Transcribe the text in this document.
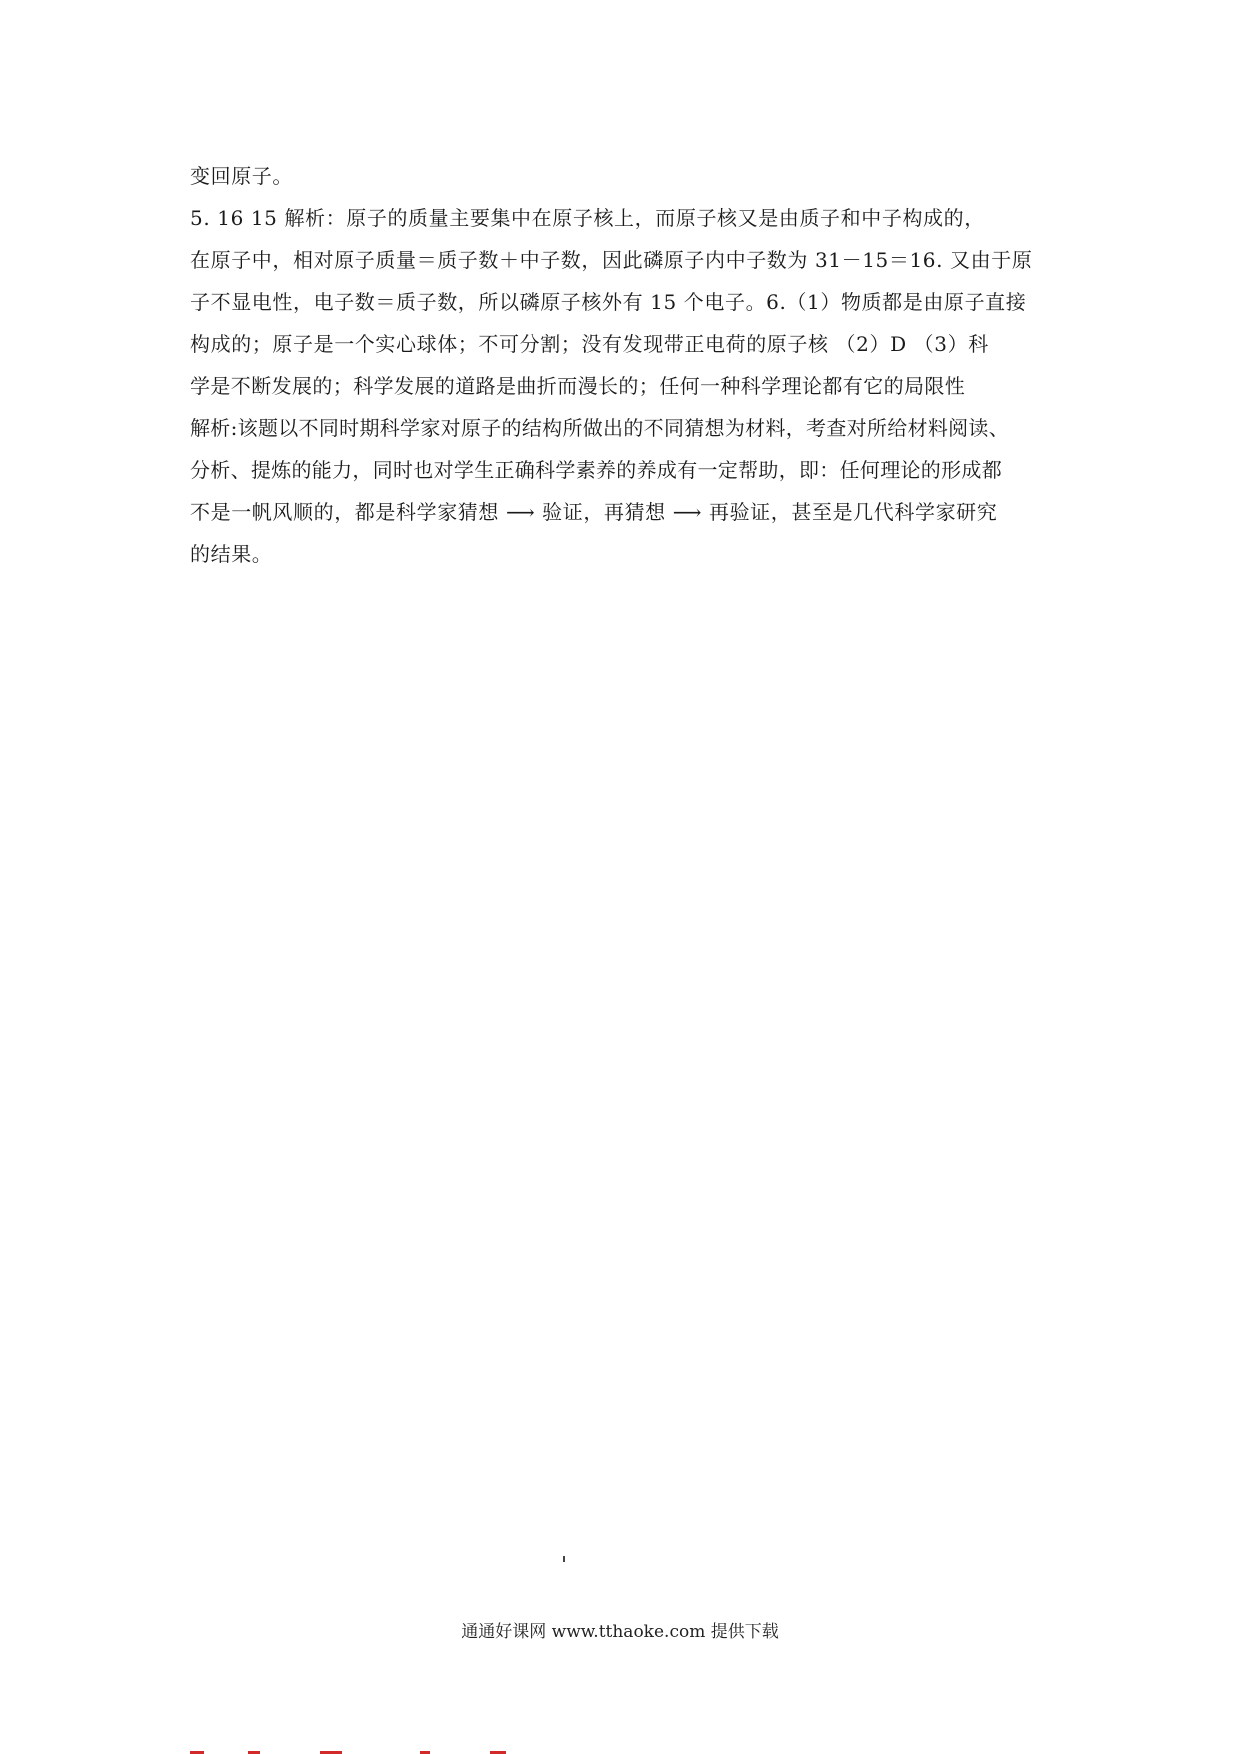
变回原子。
5. 16 15 解析：原子的质量主要集中在原子核上，而原子核又是由质子和中子构成的，
在原子中，相对原子质量＝质子数＋中子数，因此磷原子内中子数为 31－15＝16. 又由于原
子不显电性，电子数＝质子数，所以磷原子核外有 15 个电子。6.（1）物质都是由原子直接
构成的；原子是一个实心球体；不可分割；没有发现带正电荷的原子核 （2）D （3）科
学是不断发展的；科学发展的道路是曲折而漫长的；任何一种科学理论都有它的局限性
解析:该题以不同时期科学家对原子的结构所做出的不同猜想为材料，考查对所给材料阅读、
分析、提炼的能力，同时也对学生正确科学素养的养成有一定帮助，即：任何理论的形成都
不是一帆风顺的，都是科学家猜想 ⟶ 验证，再猜想 ⟶ 再验证，甚至是几代科学家研究
的结果。
通通好课网 www.tthaoke.com 提供下载
